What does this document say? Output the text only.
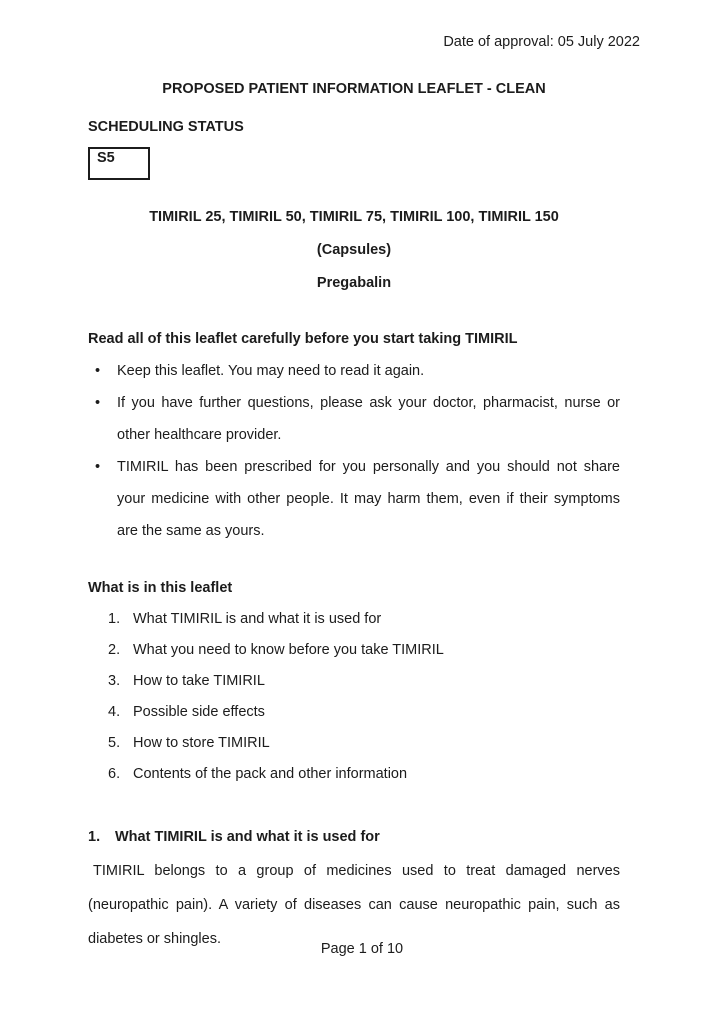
Date of approval: 05 July 2022
PROPOSED PATIENT INFORMATION LEAFLET - CLEAN
SCHEDULING STATUS
S5
TIMIRIL 25, TIMIRIL 50, TIMIRIL 75, TIMIRIL 100, TIMIRIL 150
(Capsules)
Pregabalin
Read all of this leaflet carefully before you start taking TIMIRIL
• Keep this leaflet. You may need to read it again.
• If you have further questions, please ask your doctor, pharmacist, nurse or other healthcare provider.
• TIMIRIL has been prescribed for you personally and you should not share your medicine with other people. It may harm them, even if their symptoms are the same as yours.
What is in this leaflet
1. What TIMIRIL is and what it is used for
2. What you need to know before you take TIMIRIL
3. How to take TIMIRIL
4. Possible side effects
5. How to store TIMIRIL
6. Contents of the pack and other information
1.	What TIMIRIL is and what it is used for

TIMIRIL belongs to a group of medicines used to treat damaged nerves (neuropathic pain). A variety of diseases can cause neuropathic pain, such as diabetes or shingles.

Page 1 of 10
